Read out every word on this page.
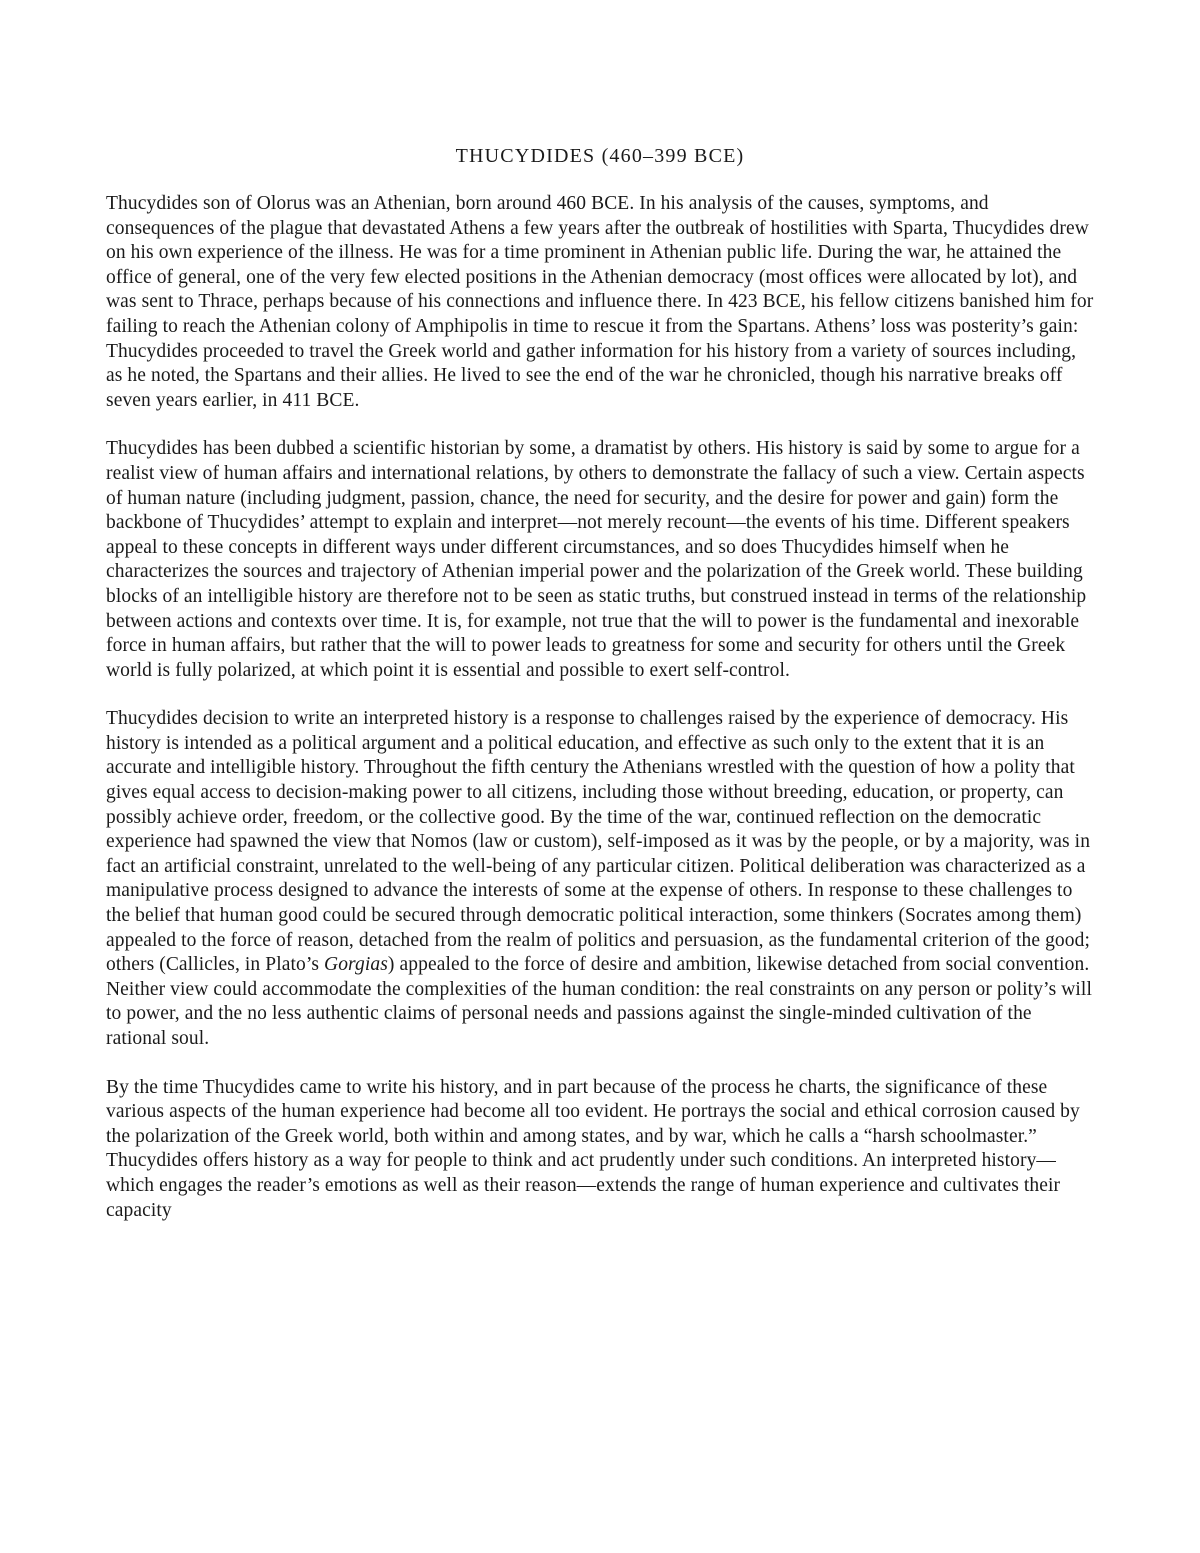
THUCYDIDES (460–399 BCE)

Thucydides son of Olorus was an Athenian, born around 460 BCE. In his analysis of the causes, symptoms, and consequences of the plague that devastated Athens a few years after the outbreak of hostilities with Sparta, Thucydides drew on his own experience of the illness. He was for a time prominent in Athenian public life. During the war, he attained the office of general, one of the very few elected positions in the Athenian democracy (most offices were allocated by lot), and was sent to Thrace, perhaps because of his connections and influence there. In 423 BCE, his fellow citizens banished him for failing to reach the Athenian colony of Amphipolis in time to rescue it from the Spartans. Athens’ loss was posterity’s gain: Thucydides proceeded to travel the Greek world and gather information for his history from a variety of sources including, as he noted, the Spartans and their allies. He lived to see the end of the war he chronicled, though his narrative breaks off seven years earlier, in 411 BCE.

Thucydides has been dubbed a scientific historian by some, a dramatist by others. His history is said by some to argue for a realist view of human affairs and international relations, by others to demonstrate the fallacy of such a view. Certain aspects of human nature (including judgment, passion, chance, the need for security, and the desire for power and gain) form the backbone of Thucydides’ attempt to explain and interpret—not merely recount—the events of his time. Different speakers appeal to these concepts in different ways under different circumstances, and so does Thucydides himself when he characterizes the sources and trajectory of Athenian imperial power and the polarization of the Greek world. These building blocks of an intelligible history are therefore not to be seen as static truths, but construed instead in terms of the relationship between actions and contexts over time. It is, for example, not true that the will to power is the fundamental and inexorable force in human affairs, but rather that the will to power leads to greatness for some and security for others until the Greek world is fully polarized, at which point it is essential and possible to exert self-control.

Thucydides decision to write an interpreted history is a response to challenges raised by the experience of democracy. His history is intended as a political argument and a political education, and effective as such only to the extent that it is an accurate and intelligible history. Throughout the fifth century the Athenians wrestled with the question of how a polity that gives equal access to decision-making power to all citizens, including those without breeding, education, or property, can possibly achieve order, freedom, or the collective good. By the time of the war, continued reflection on the democratic experience had spawned the view that Nomos (law or custom), self-imposed as it was by the people, or by a majority, was in fact an artificial constraint, unrelated to the well-being of any particular citizen. Political deliberation was characterized as a manipulative process designed to advance the interests of some at the expense of others. In response to these challenges to the belief that human good could be secured through democratic political interaction, some thinkers (Socrates among them) appealed to the force of reason, detached from the realm of politics and persuasion, as the fundamental criterion of the good; others (Callicles, in Plato’s Gorgias) appealed to the force of desire and ambition, likewise detached from social convention. Neither view could accommodate the complexities of the human condition: the real constraints on any person or polity’s will to power, and the no less authentic claims of personal needs and passions against the single-minded cultivation of the rational soul.

By the time Thucydides came to write his history, and in part because of the process he charts, the significance of these various aspects of the human experience had become all too evident. He portrays the social and ethical corrosion caused by the polarization of the Greek world, both within and among states, and by war, which he calls a “harsh schoolmaster.” Thucydides offers history as a way for people to think and act prudently under such conditions. An interpreted history—which engages the reader’s emotions as well as their reason—extends the range of human experience and cultivates their capacity
